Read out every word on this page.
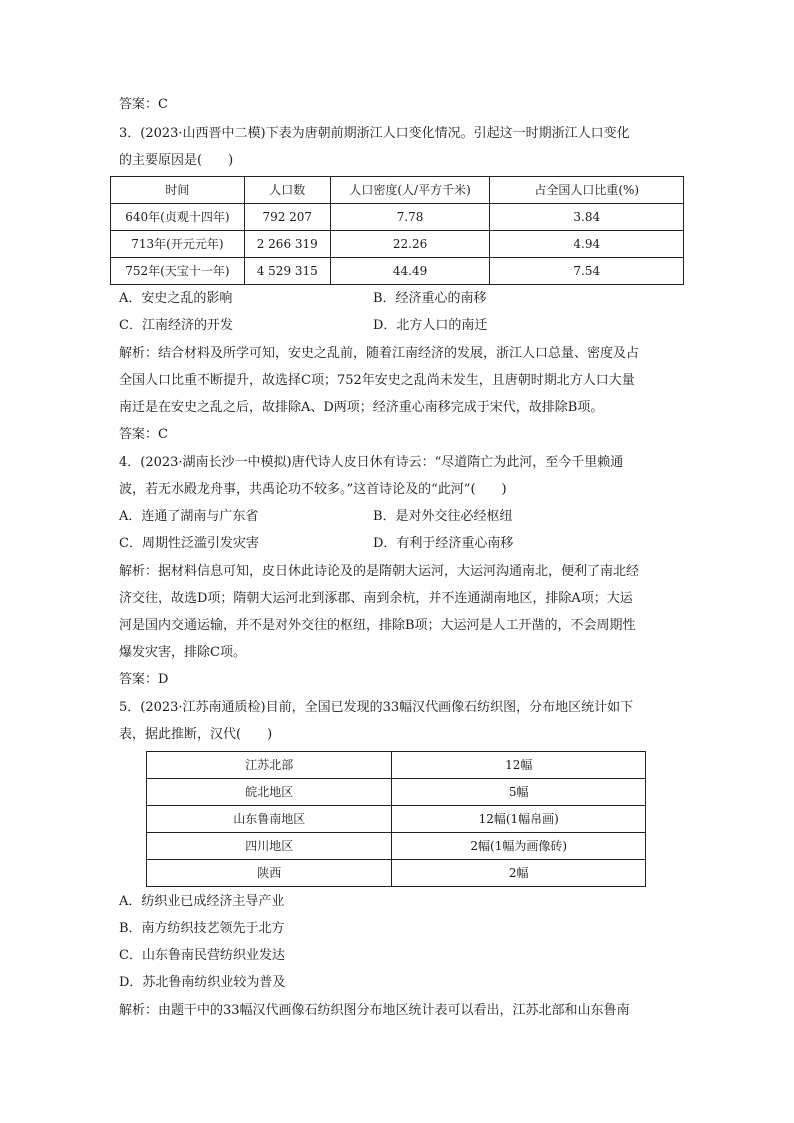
答案：C
3．(2023·山西晋中二模)下表为唐朝前期浙江人口变化情况。引起这一时期浙江人口变化
的主要原因是(　　)
时间	人口数	人口密度(人/平方千米)	占全国人口比重(%)
640年(贞观十四年)	792 207	7.78	3.84
713年(开元元年)	2 266 319	22.26	4.94
752年(天宝十一年)	4 529 315	44.49	7.54
A．安史之乱的影响	B．经济重心的南移
C．江南经济的开发	D．北方人口的南迁
解析：结合材料及所学可知，安史之乱前，随着江南经济的发展，浙江人口总量、密度及占
全国人口比重不断提升，故选择C项；752年安史之乱尚未发生，且唐朝时期北方人口大量
南迁是在安史之乱之后，故排除A、D两项；经济重心南移完成于宋代，故排除B项。
答案：C
4．(2023·湖南长沙一中模拟)唐代诗人皮日休有诗云：“尽道隋亡为此河，至今千里赖通
波，若无水殿龙舟事，共禹论功不较多。”这首诗论及的“此河”(　　)
A．连通了湖南与广东省	B．是对外交往必经枢纽
C．周期性泛滥引发灾害	D．有利于经济重心南移
解析：据材料信息可知，皮日休此诗论及的是隋朝大运河，大运河沟通南北，便利了南北经
济交往，故选D项；隋朝大运河北到涿郡、南到余杭，并不连通湖南地区，排除A项；大运
河是国内交通运输，并不是对外交往的枢纽，排除B项；大运河是人工开凿的，不会周期性
爆发灾害，排除C项。
答案：D
5．(2023·江苏南通质检)目前，全国已发现的33幅汉代画像石纺织图，分布地区统计如下
表，据此推断，汉代(　　)
江苏北部	12幅
皖北地区	5幅
山东鲁南地区	12幅(1幅帛画)
四川地区	2幅(1幅为画像砖)
陕西	2幅
A．纺织业已成经济主导产业
B．南方纺织技艺领先于北方
C．山东鲁南民营纺织业发达
D．苏北鲁南纺织业较为普及
解析：由题干中的33幅汉代画像石纺织图分布地区统计表可以看出，江苏北部和山东鲁南
